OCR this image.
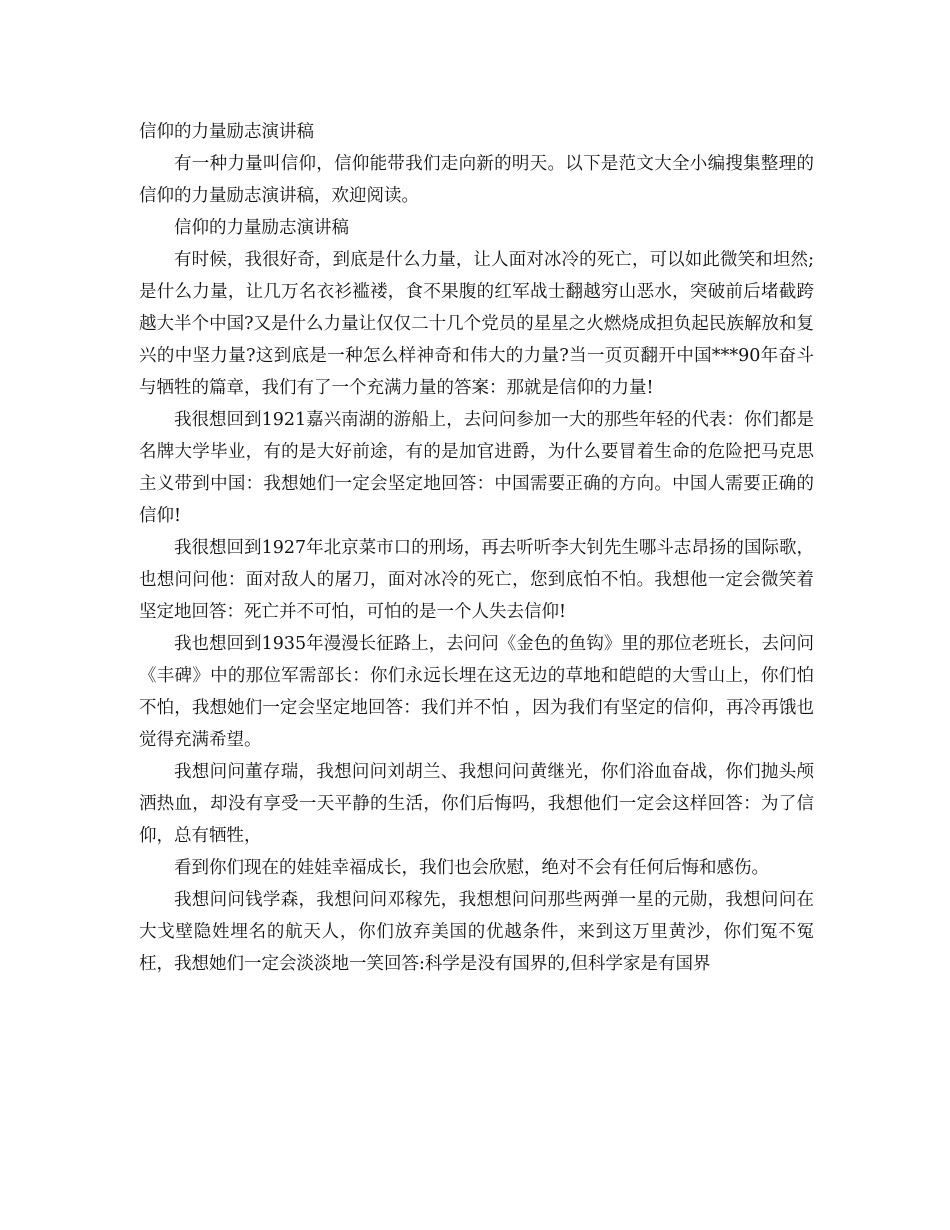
信仰的力量励志演讲稿

有一种力量叫信仰，信仰能带我们走向新的明天。以下是范文大全小编搜集整理的信仰的力量励志演讲稿，欢迎阅读。

信仰的力量励志演讲稿

有时候，我很好奇，到底是什么力量，让人面对冰冷的死亡，可以如此微笑和坦然;是什么力量，让几万名衣衫褴褛，食不果腹的红军战士翻越穷山恶水，突破前后堵截跨越大半个中国?又是什么力量让仅仅二十几个党员的星星之火燃烧成担负起民族解放和复兴的中坚力量?这到底是一种怎么样神奇和伟大的力量?当一页页翻开中国***90年奋斗与牺牲的篇章，我们有了一个充满力量的答案：那就是信仰的力量!

我很想回到1921嘉兴南湖的游船上，去问问参加一大的那些年轻的代表：你们都是名牌大学毕业，有的是大好前途，有的是加官进爵，为什么要冒着生命的危险把马克思主义带到中国：我想她们一定会坚定地回答：中国需要正确的方向。中国人需要正确的信仰!

我很想回到1927年北京菜市口的刑场，再去听听李大钊先生哪斗志昂扬的国际歌，也想问问他：面对敌人的屠刀，面对冰冷的死亡，您到底怕不怕。我想他一定会微笑着坚定地回答：死亡并不可怕，可怕的是一个人失去信仰!

我也想回到1935年漫漫长征路上，去问问《金色的鱼钩》里的那位老班长，去问问《丰碑》中的那位军需部长：你们永远长埋在这无边的草地和皑皑的大雪山上，你们怕不怕，我想她们一定会坚定地回答：我们并不怕 ，因为我们有坚定的信仰，再冷再饿也觉得充满希望。

我想问问董存瑞，我想问问刘胡兰、我想问问黄继光，你们浴血奋战，你们抛头颅洒热血，却没有享受一天平静的生活，你们后悔吗，我想他们一定会这样回答：为了信仰，总有牺牲，

看到你们现在的娃娃幸福成长，我们也会欣慰，绝对不会有任何后悔和感伤。

我想问问钱学森，我想问问邓稼先，我想想问问那些两弹一星的元勋，我想问问在大戈壁隐姓埋名的航天人，你们放弃美国的优越条件，来到这万里黄沙，你们冤不冤枉，我想她们一定会淡淡地一笑回答:科学是没有国界的,但科学家是有国界
